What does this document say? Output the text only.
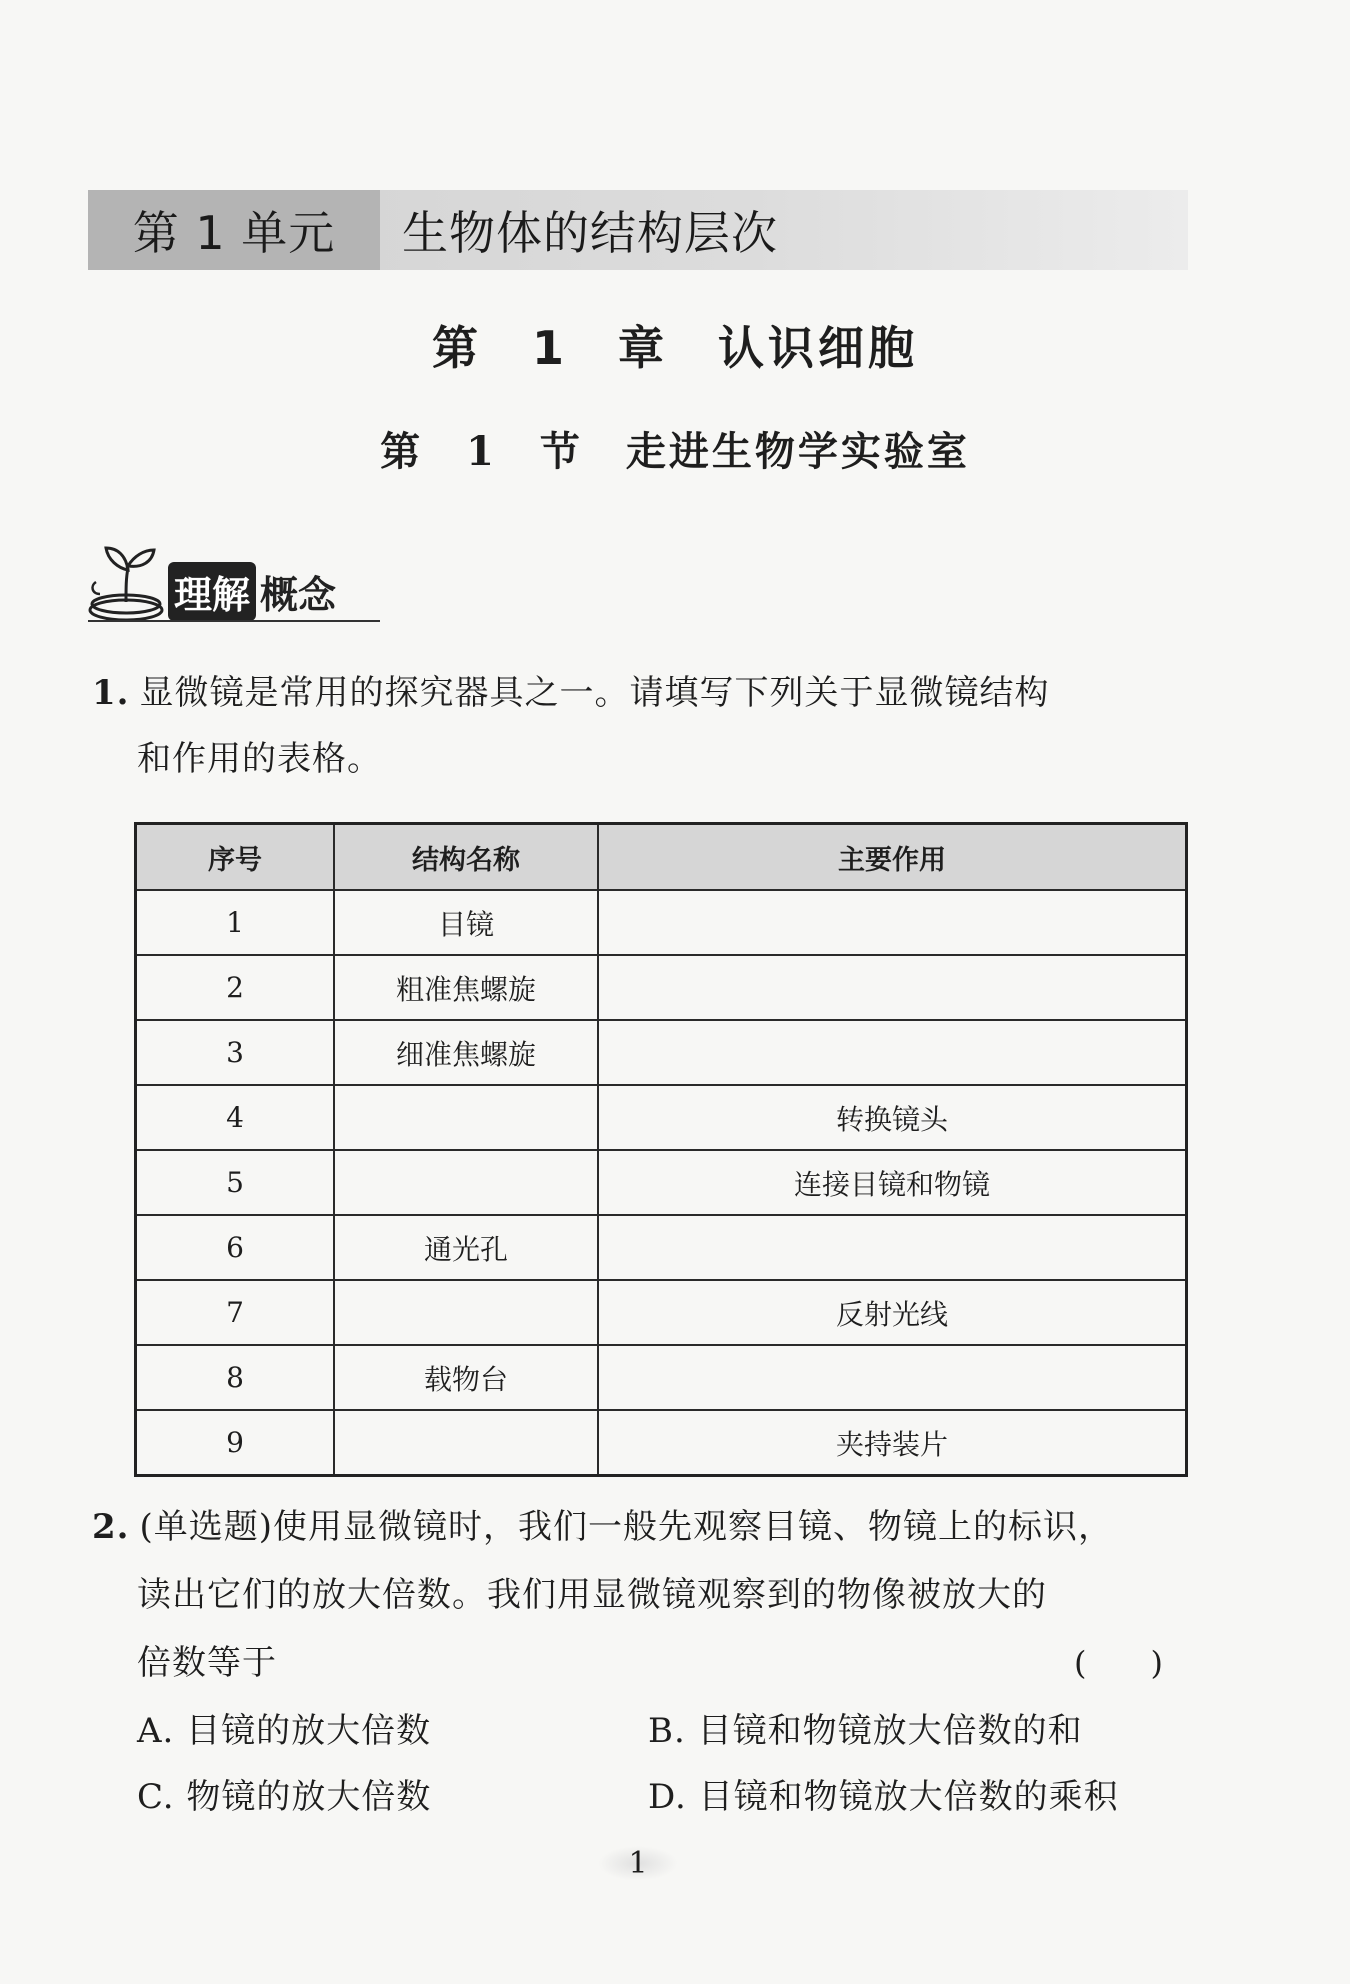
第 1 单元	生物体的结构层次
第 1 章　认识细胞
第 1 节　走进生物学实验室
理解 概念
1. 显微镜是常用的探究器具之一。请填写下列关于显微镜结构
和作用的表格。
序号	结构名称	主要作用
1	目镜	
2	粗准焦螺旋	
3	细准焦螺旋	
4		转换镜头
5		连接目镜和物镜
6	通光孔	
7		反射光线
8	载物台	
9		夹持装片
2. (单选题)使用显微镜时，我们一般先观察目镜、物镜上的标识，
读出它们的放大倍数。我们用显微镜观察到的物像被放大的
倍数等于	(　　)
A. 目镜的放大倍数	B. 目镜和物镜放大倍数的和
C. 物镜的放大倍数	D. 目镜和物镜放大倍数的乘积
1
